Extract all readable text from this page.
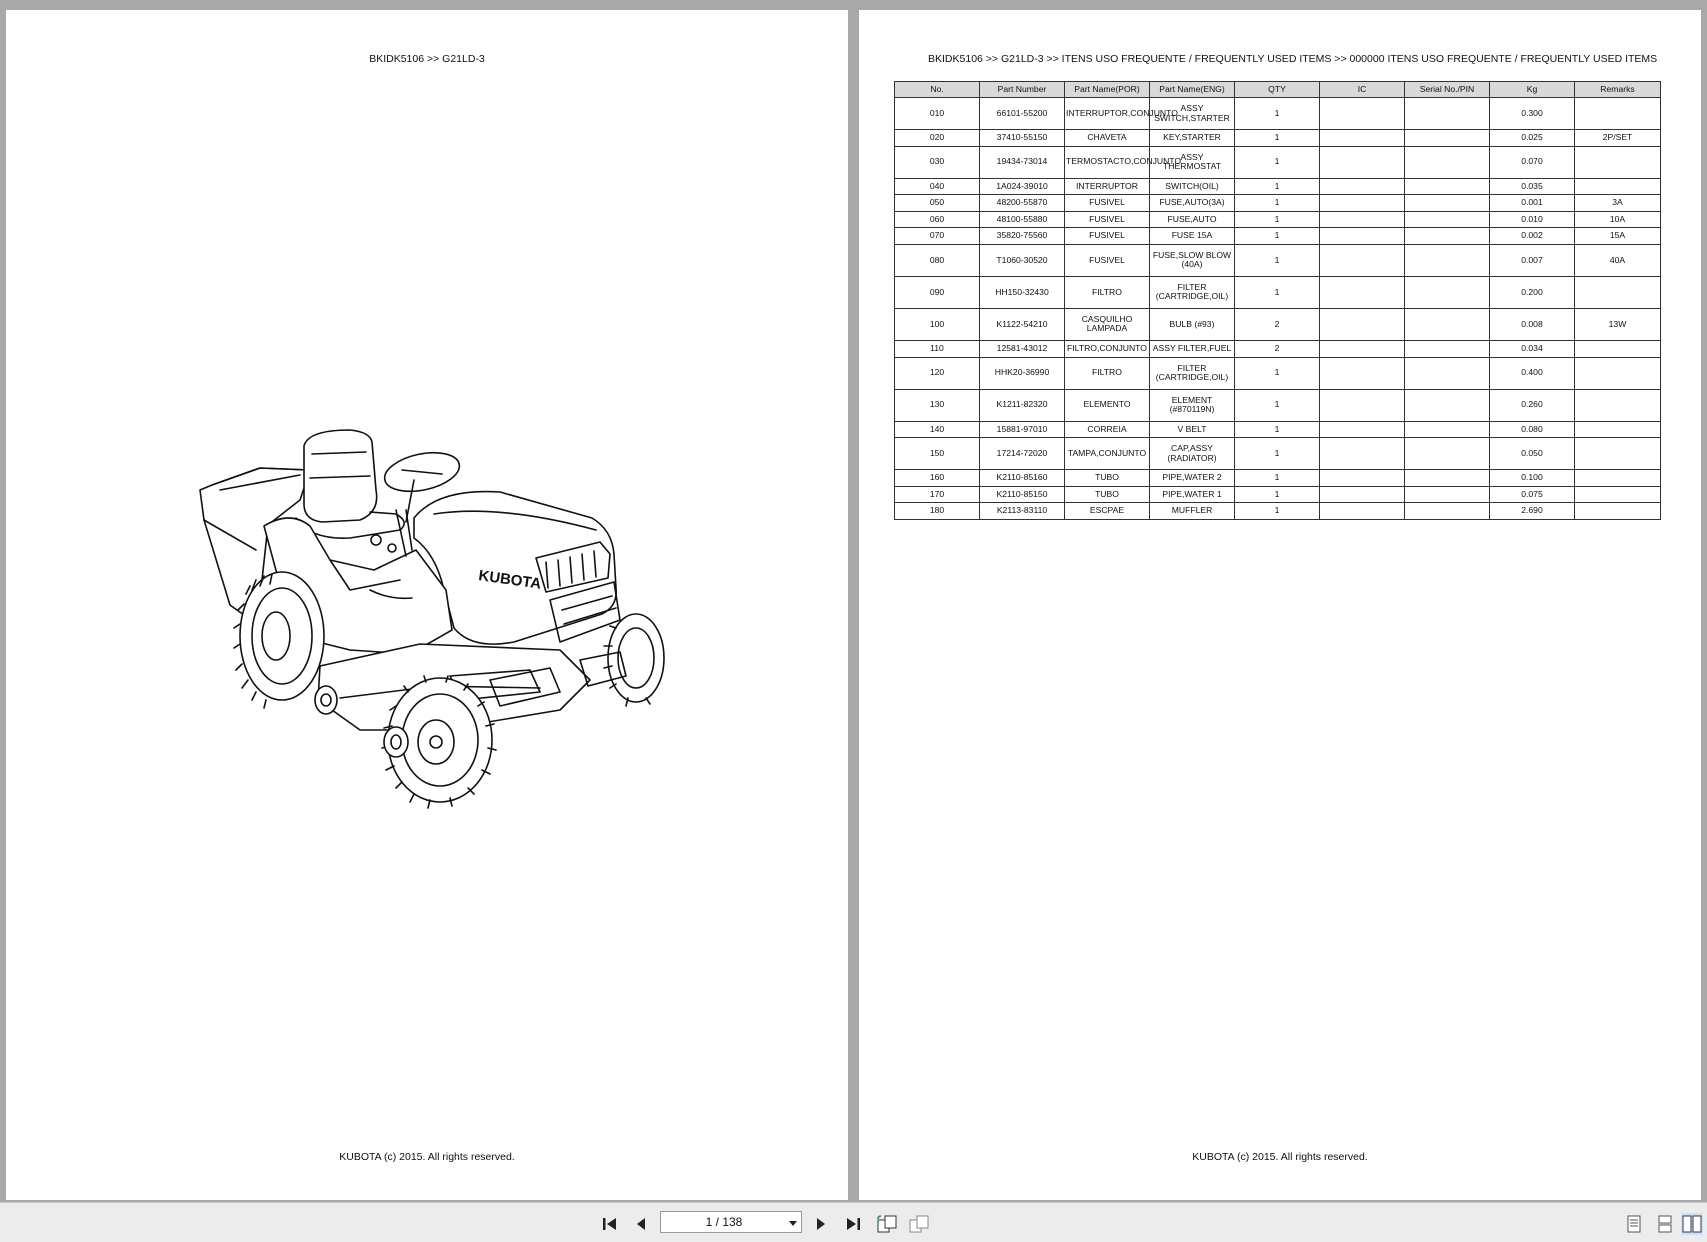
BKIDK5106 >> G21LD-3
KUBOTA
KUBOTA (c) 2015. All rights reserved.
BKIDK5106 >> G21LD-3 >> ITENS USO FREQUENTE / FREQUENTLY USED ITEMS >> 000000 ITENS USO FREQUENTE / FREQUENTLY USED ITEMS
No.	Part Number	Part Name(POR)	Part Name(ENG)	QTY	IC	Serial No./PIN	Kg	Remarks
010	66101-55200	INTERRUPTOR,CONJUNTO	ASSY SWITCH,STARTER	1			0.300	
020	37410-55150	CHAVETA	KEY,STARTER	1			0.025	2P/SET
030	19434-73014	TERMOSTACTO,CONJUNTO	ASSY THERMOSTAT	1			0.070	
040	1A024-39010	INTERRUPTOR	SWITCH(OIL)	1			0.035	
050	48200-55870	FUSIVEL	FUSE,AUTO(3A)	1			0.001	3A
060	48100-55880	FUSIVEL	FUSE,AUTO	1			0.010	10A
070	35820-75560	FUSIVEL	FUSE 15A	1			0.002	15A
080	T1060-30520	FUSIVEL	FUSE,SLOW BLOW (40A)	1			0.007	40A
090	HH150-32430	FILTRO	FILTER (CARTRIDGE,OIL)	1			0.200	
100	K1122-54210	CASQUILHO LAMPADA	BULB (#93)	2			0.008	13W
110	12581-43012	FILTRO,CONJUNTO	ASSY FILTER,FUEL	2			0.034	
120	HHK20-36990	FILTRO	FILTER (CARTRIDGE,OIL)	1			0.400	
130	K1211-82320	ELEMENTO	ELEMENT (#870119N)	1			0.260	
140	15881-97010	CORREIA	V BELT	1			0.080	
150	17214-72020	TAMPA,CONJUNTO	CAP,ASSY (RADIATOR)	1			0.050	
160	K2110-85160	TUBO	PIPE,WATER 2	1			0.100	
170	K2110-85150	TUBO	PIPE,WATER 1	1			0.075	
180	K2113-83110	ESCPAE	MUFFLER	1			2.690	
KUBOTA (c) 2015. All rights reserved.
1 / 138
